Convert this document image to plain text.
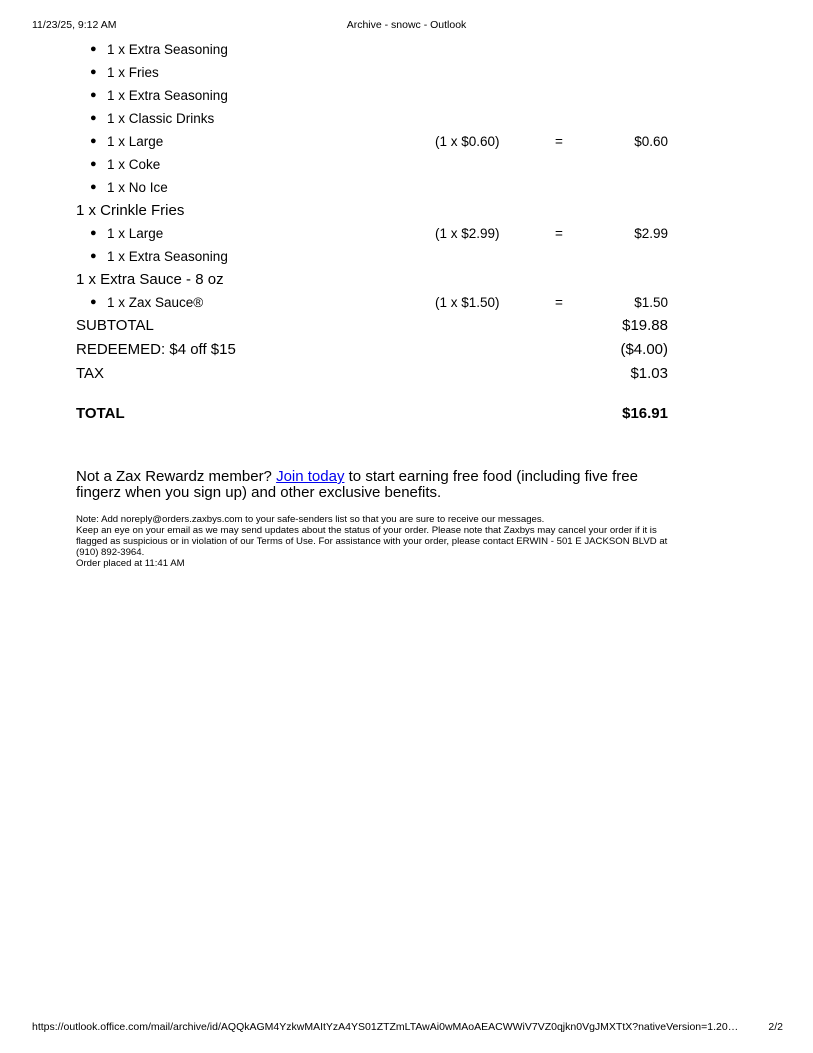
11/23/25, 9:12 AM	Archive - snowc - Outlook
● 1 x Extra Seasoning
● 1 x Fries
● 1 x Extra Seasoning
● 1 x Classic Drinks
● 1 x Large	(1 x $0.60)	=	$0.60
● 1 x Coke
● 1 x No Ice
1 x Crinkle Fries
● 1 x Large	(1 x $2.99)	=	$2.99
● 1 x Extra Seasoning
1 x Extra Sauce - 8 oz
● 1 x Zax Sauce®	(1 x $1.50)	=	$1.50
SUBTOTAL	$19.88
REDEEMED: $4 off $15	($4.00)
TAX	$1.03
TOTAL	$16.91
Not a Zax Rewardz member? Join today to start earning free food (including five free fingerz when you sign up) and other exclusive benefits.
Note: Add noreply@orders.zaxbys.com to your safe-senders list so that you are sure to receive our messages.
Keep an eye on your email as we may send updates about the status of your order. Please note that Zaxbys may cancel your order if it is flagged as suspicious or in violation of our Terms of Use. For assistance with your order, please contact ERWIN - 501 E JACKSON BLVD at (910) 892-3964.
Order placed at 11:41 AM
https://outlook.office.com/mail/archive/id/AQQkAGM4YzkwMAItYzA4YS01ZTZmLTAwAi0wMAoAEACWWiV7VZ0qjkn0VgJMXTtX?nativeVersion=1.20…	2/2
